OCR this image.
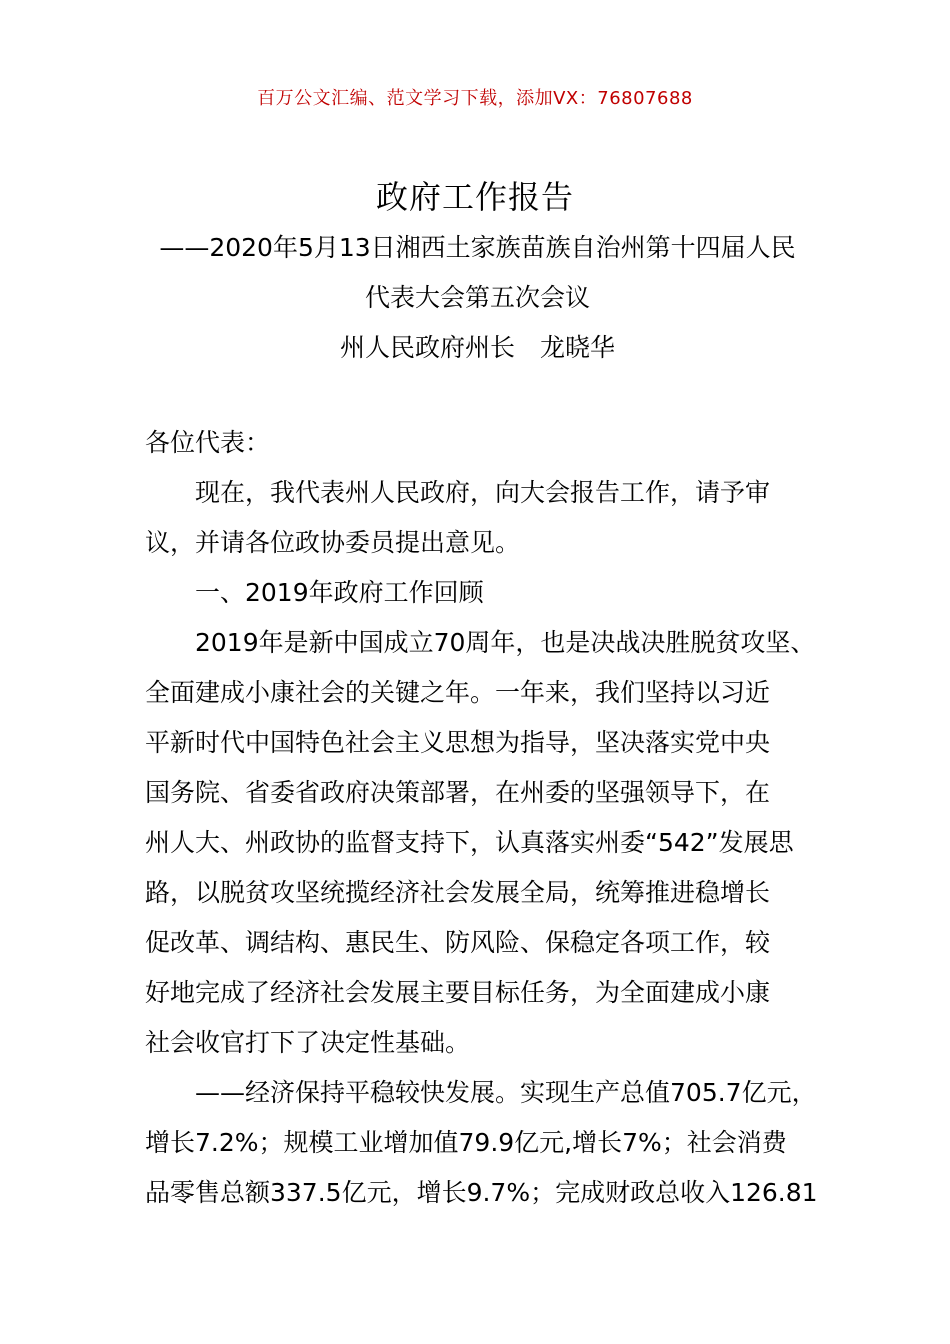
百万公文汇编、范文学习下载，添加VX：76807688
政府工作报告
——2020年5月13日湘西土家族苗族自治州第十四届人民
代表大会第五次会议
州人民政府州长　龙晓华
各位代表：
现在，我代表州人民政府，向大会报告工作，请予审
议，并请各位政协委员提出意见。
一、2019年政府工作回顾
2019年是新中国成立70周年，也是决战决胜脱贫攻坚、
全面建成小康社会的关键之年。一年来，我们坚持以习近
平新时代中国特色社会主义思想为指导，坚决落实党中央
国务院、省委省政府决策部署，在州委的坚强领导下，在
州人大、州政协的监督支持下，认真落实州委“542”发展思
路，以脱贫攻坚统揽经济社会发展全局，统筹推进稳增长
促改革、调结构、惠民生、防风险、保稳定各项工作，较
好地完成了经济社会发展主要目标任务，为全面建成小康
社会收官打下了决定性基础。
——经济保持平稳较快发展。实现生产总值705.7亿元，
增长7.2%；规模工业增加值79.9亿元,增长7%；社会消费
品零售总额337.5亿元，增长9.7%；完成财政总收入126.81
